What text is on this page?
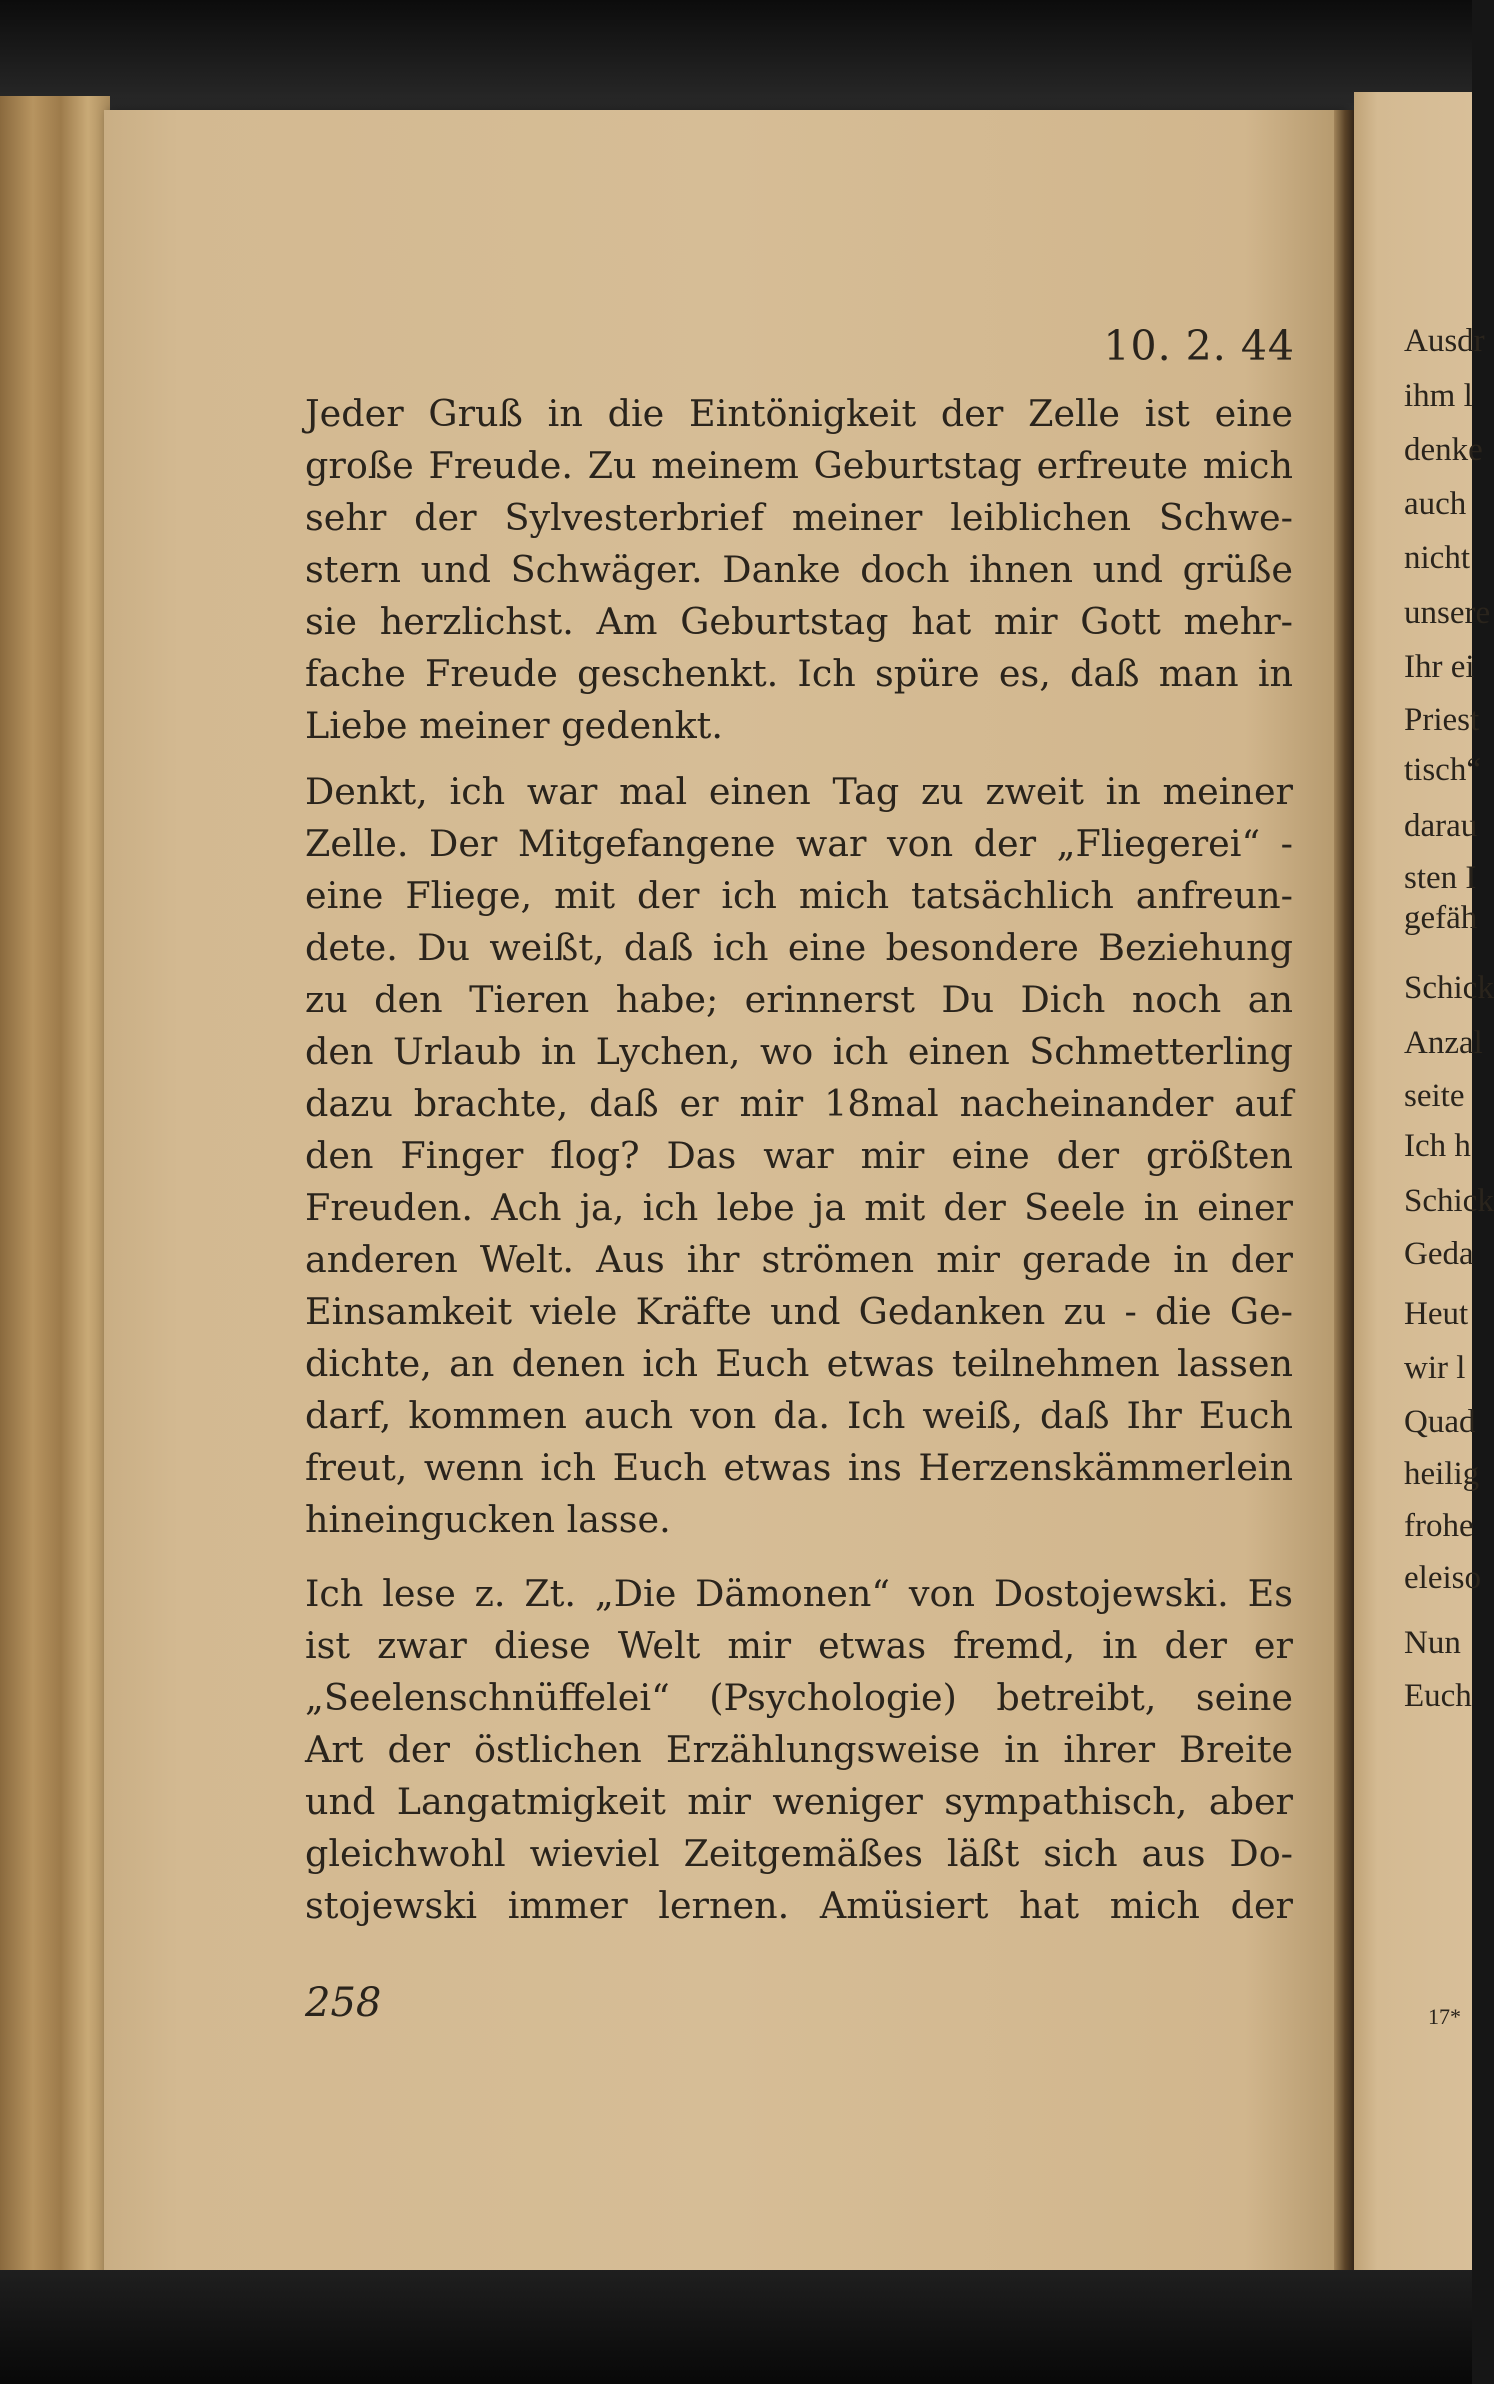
10. 2. 44
Jeder Gruß in die Eintönigkeit der Zelle ist eine
große Freude. Zu meinem Geburtstag erfreute mich
sehr der Sylvesterbrief meiner leiblichen Schwe-
stern und Schwäger. Danke doch ihnen und grüße
sie herzlichst. Am Geburtstag hat mir Gott mehr-
fache Freude geschenkt. Ich spüre es, daß man in
Liebe meiner gedenkt.
Denkt, ich war mal einen Tag zu zweit in meiner
Zelle. Der Mitgefangene war von der „Fliegerei“ -
eine Fliege, mit der ich mich tatsächlich anfreun-
dete. Du weißt, daß ich eine besondere Beziehung
zu den Tieren habe; erinnerst Du Dich noch an
den Urlaub in Lychen, wo ich einen Schmetterling
dazu brachte, daß er mir 18mal nacheinander auf
den Finger flog? Das war mir eine der größten
Freuden. Ach ja, ich lebe ja mit der Seele in einer
anderen Welt. Aus ihr strömen mir gerade in der
Einsamkeit viele Kräfte und Gedanken zu - die Ge-
dichte, an denen ich Euch etwas teilnehmen lassen
darf, kommen auch von da. Ich weiß, daß Ihr Euch
freut, wenn ich Euch etwas ins Herzenskämmerlein
hineingucken lasse.
Ich lese z. Zt. „Die Dämonen“ von Dostojewski. Es
ist zwar diese Welt mir etwas fremd, in der er
„Seelenschnüffelei“ (Psychologie) betreibt, seine
Art der östlichen Erzählungsweise in ihrer Breite
und Langatmigkeit mir weniger sympathisch, aber
gleichwohl wieviel Zeitgemäßes läßt sich aus Do-
stojewski immer lernen. Amüsiert hat mich der
258
Ausdr
ihm l
denke
auch
nicht
unsere
Ihr ei
Priest
tisch“
darau
sten I
gefäh
Schick
Anzal
seite
Ich h
Schick
Geda
Heut
wir l
Quad
heilig
frohe
eleiso
Nun
Euch
17*
